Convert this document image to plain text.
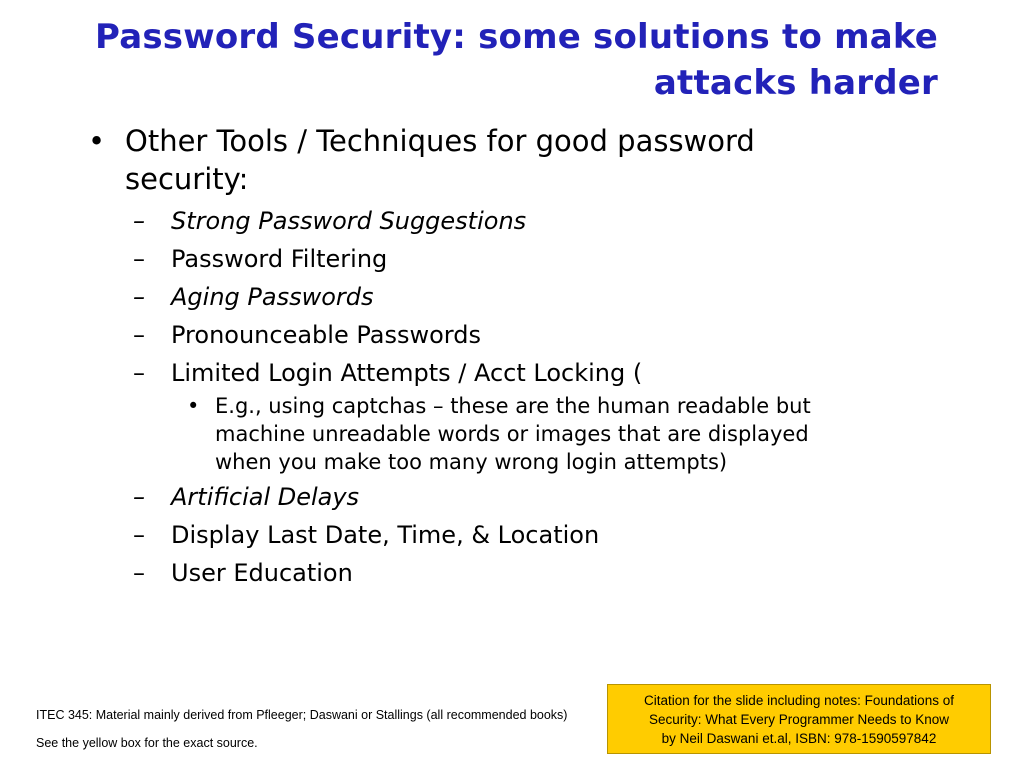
Password Security: some solutions to make
attacks harder
• Other Tools / Techniques for good password
security:
– Strong Password Suggestions
– Password Filtering
– Aging Passwords
– Pronounceable Passwords
– Limited Login Attempts / Acct Locking (
• E.g., using captchas – these are the human readable but
machine unreadable words or images that are displayed
when you make too many wrong login attempts)
– Artificial Delays
– Display Last Date, Time, & Location
– User Education
ITEC 345: Material mainly derived from Pfleeger; Daswani or Stallings (all recommended books)
See the yellow box for the exact source.
Citation for the slide including notes: Foundations of
Security: What Every Programmer Needs to Know
by Neil Daswani et.al, ISBN: 978-1590597842
